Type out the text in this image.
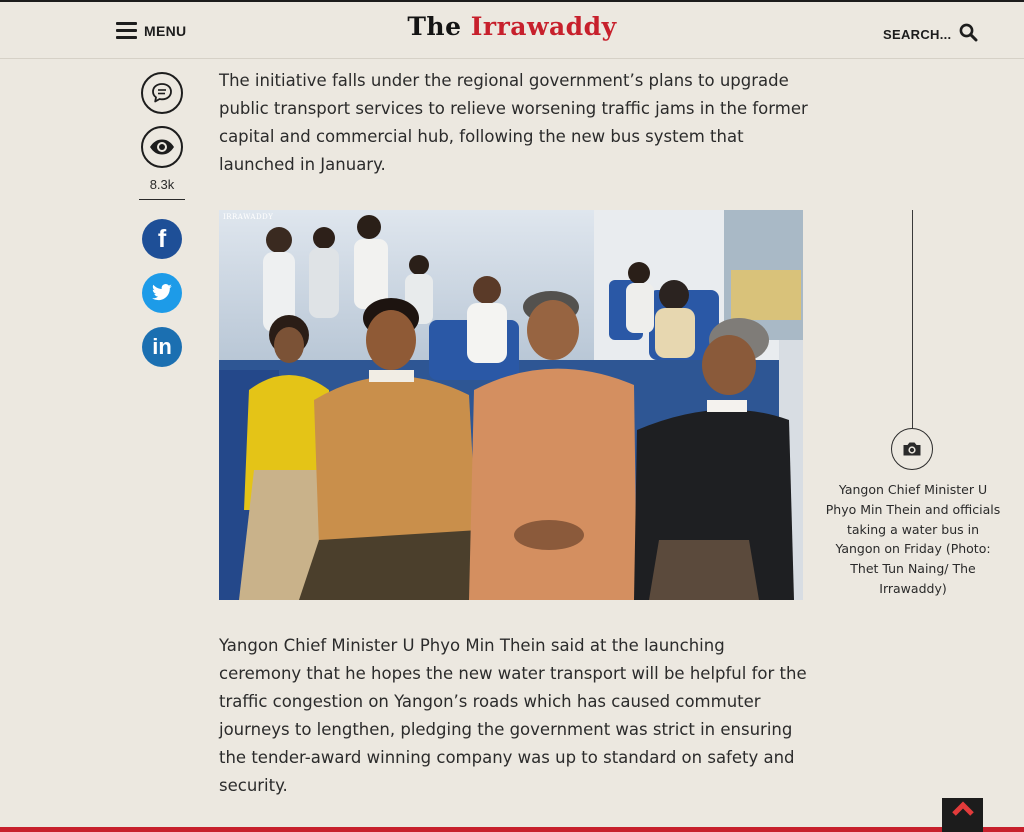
MENU	The Irrawaddy	SEARCH...
8.3k
f
in

The initiative falls under the regional government’s plans to upgrade public transport services to relieve worsening traffic jams in the former capital and commercial hub, following the new bus system that launched in January.

IRRAWADDY

Yangon Chief Minister U Phyo Min Thein and officials taking a water bus in Yangon on Friday (Photo: Thet Tun Naing/ The Irrawaddy)

Yangon Chief Minister U Phyo Min Thein said at the launching ceremony that he hopes the new water transport will be helpful for the traffic congestion on Yangon’s roads which has caused commuter journeys to lengthen, pledging the government was strict in ensuring the tender-award winning company was up to standard on safety and security.
